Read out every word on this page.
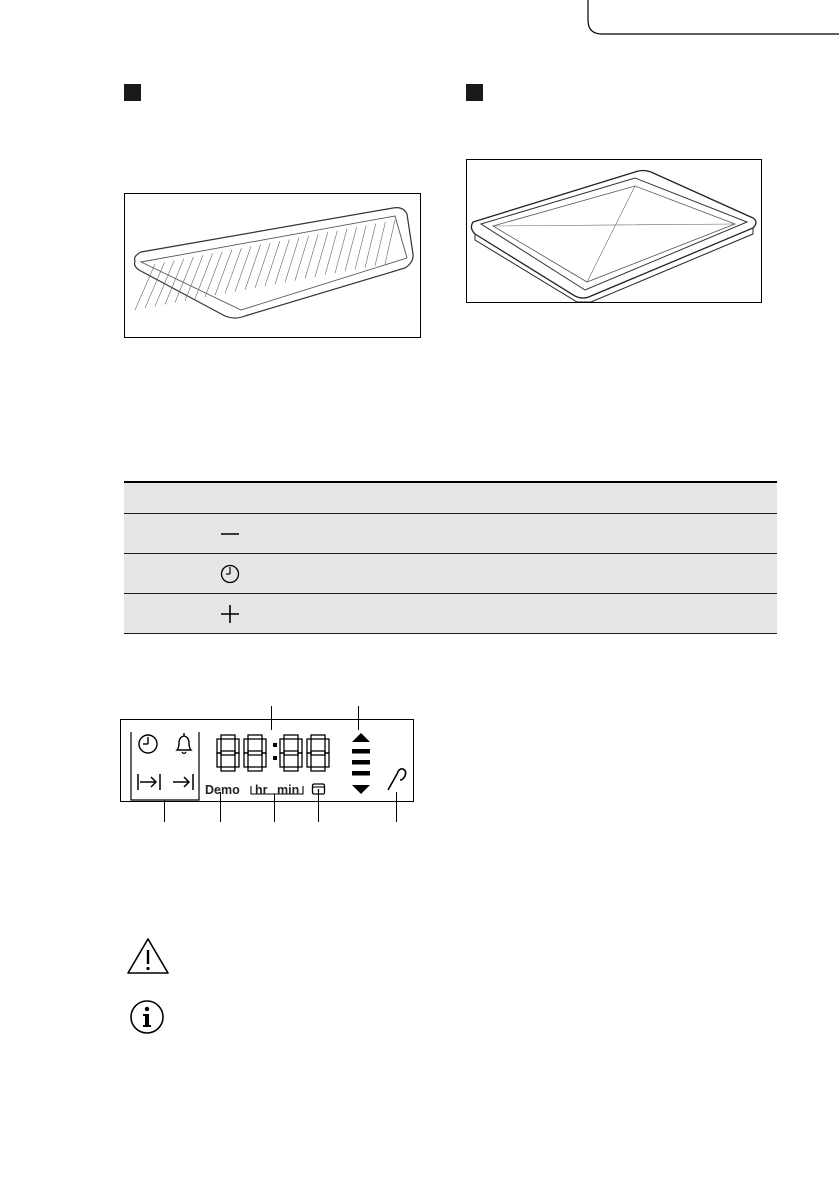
Demo hr min
